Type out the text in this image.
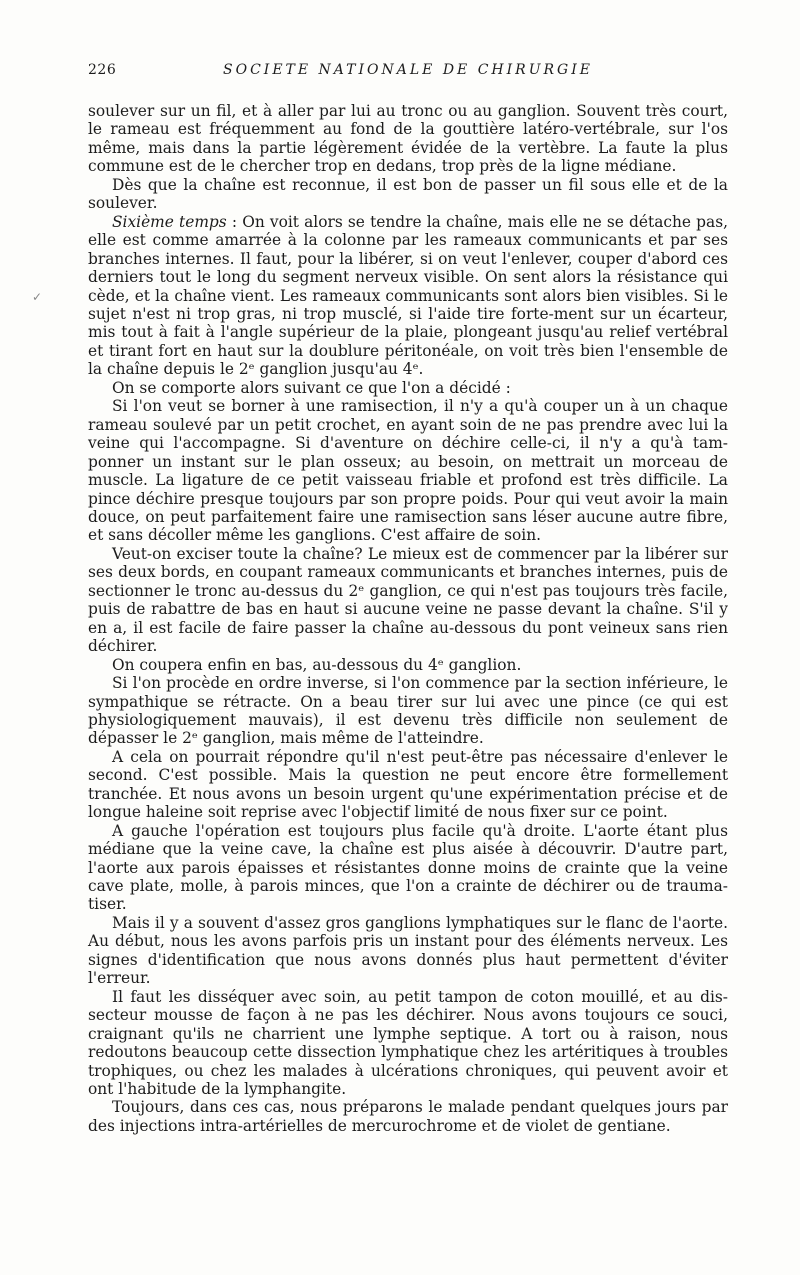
226	SOCIETE NATIONALE DE CHIRURGIE

soulever sur un fil, et à aller par lui au tronc ou au ganglion. Souvent très court, le rameau est fréquemment au fond de la gouttière latéro-vertébrale, sur l'os même, mais dans la partie légèrement évidée de la vertèbre. La faute la plus commune est de le chercher trop en dedans, trop près de la ligne médiane.

Dès que la chaîne est reconnue, il est bon de passer un fil sous elle et de la soulever.

Sixième temps : On voit alors se tendre la chaîne, mais elle ne se détache pas, elle est comme amarrée à la colonne par les rameaux communicants et par ses branches internes. Il faut, pour la libérer, si on veut l'enlever, couper d'abord ces derniers tout le long du segment nerveux visible. On sent alors la résistance qui cède, et la chaîne vient. Les rameaux communicants sont alors bien visibles. Si le sujet n'est ni trop gras, ni trop musclé, si l'aide tire forte-ment sur un écarteur, mis tout à fait à l'angle supérieur de la plaie, plongeant jusqu'au relief vertébral et tirant fort en haut sur la doublure péritonéale, on voit très bien l'ensemble de la chaîne depuis le 2ᵉ ganglion jusqu'au 4ᵉ.

On se comporte alors suivant ce que l'on a décidé :

Si l'on veut se borner à une ramisection, il n'y a qu'à couper un à un chaque rameau soulevé par un petit crochet, en ayant soin de ne pas prendre avec lui la veine qui l'accompagne. Si d'aventure on déchire celle-ci, il n'y a qu'à tam-ponner un instant sur le plan osseux; au besoin, on mettrait un morceau de muscle. La ligature de ce petit vaisseau friable et profond est très difficile. La pince déchire presque toujours par son propre poids. Pour qui veut avoir la main douce, on peut parfaitement faire une ramisection sans léser aucune autre fibre, et sans décoller même les ganglions. C'est affaire de soin.

Veut-on exciser toute la chaîne? Le mieux est de commencer par la libérer sur ses deux bords, en coupant rameaux communicants et branches internes, puis de sectionner le tronc au-dessus du 2ᵉ ganglion, ce qui n'est pas toujours très facile, puis de rabattre de bas en haut si aucune veine ne passe devant la chaîne. S'il y en a, il est facile de faire passer la chaîne au-dessous du pont veineux sans rien déchirer.

On coupera enfin en bas, au-dessous du 4ᵉ ganglion.

Si l'on procède en ordre inverse, si l'on commence par la section inférieure, le sympathique se rétracte. On a beau tirer sur lui avec une pince (ce qui est physiologiquement mauvais), il est devenu très difficile non seulement de dépasser le 2ᵉ ganglion, mais même de l'atteindre.

A cela on pourrait répondre qu'il n'est peut-être pas nécessaire d'enlever le second. C'est possible. Mais la question ne peut encore être formellement tranchée. Et nous avons un besoin urgent qu'une expérimentation précise et de longue haleine soit reprise avec l'objectif limité de nous fixer sur ce point.

A gauche l'opération est toujours plus facile qu'à droite. L'aorte étant plus médiane que la veine cave, la chaîne est plus aisée à découvrir. D'autre part, l'aorte aux parois épaisses et résistantes donne moins de crainte que la veine cave plate, molle, à parois minces, que l'on a crainte de déchirer ou de trauma-tiser.

Mais il y a souvent d'assez gros ganglions lymphatiques sur le flanc de l'aorte. Au début, nous les avons parfois pris un instant pour des éléments nerveux. Les signes d'identification que nous avons donnés plus haut permettent d'éviter l'erreur.

Il faut les disséquer avec soin, au petit tampon de coton mouillé, et au dis-secteur mousse de façon à ne pas les déchirer. Nous avons toujours ce souci, craignant qu'ils ne charrient une lymphe septique. A tort ou à raison, nous redoutons beaucoup cette dissection lymphatique chez les artéritiques à troubles trophiques, ou chez les malades à ulcérations chroniques, qui peuvent avoir et ont l'habitude de la lymphangite.

Toujours, dans ces cas, nous préparons le malade pendant quelques jours par des injections intra-artérielles de mercurochrome et de violet de gentiane.

✓
